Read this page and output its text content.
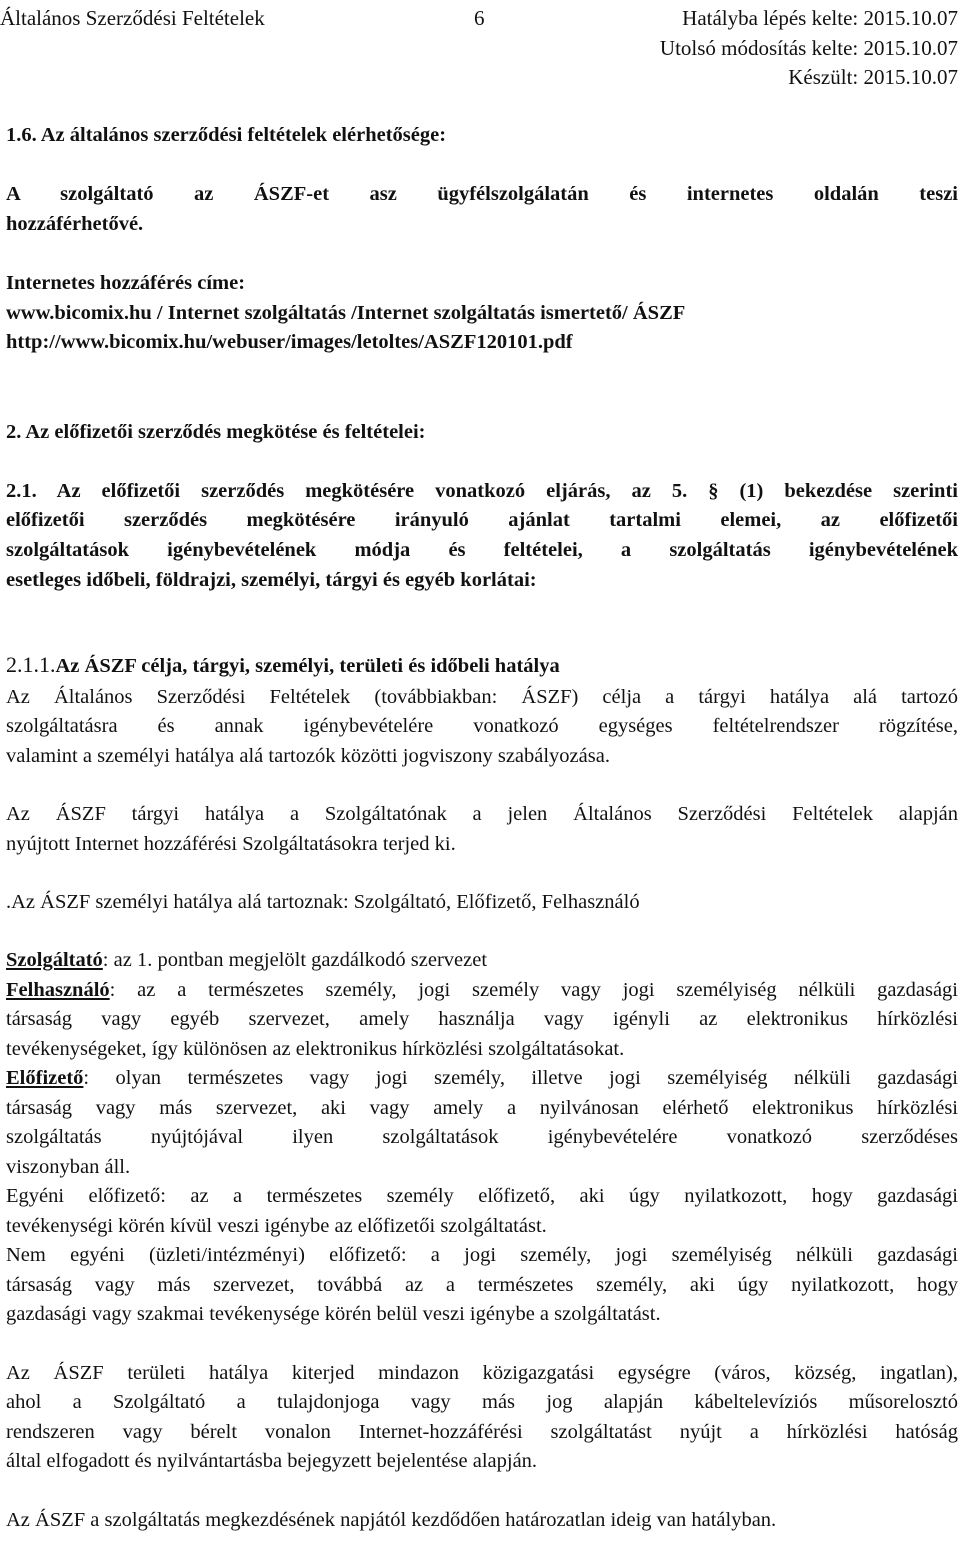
Általános Szerződési Feltételek	6	Hatályba lépés kelte: 2015.10.07
Utolsó módosítás kelte: 2015.10.07
Készült: 2015.10.07
1.6. Az általános szerződési feltételek elérhetősége:
A szolgáltató az ÁSZF-et asz ügyfélszolgálatán és internetes oldalán teszi
hozzáférhetővé.
Internetes hozzáférés címe:
www.bicomix.hu / Internet szolgáltatás /Internet szolgáltatás ismertető/ ÁSZF
http://www.bicomix.hu/webuser/images/letoltes/ASZF120101.pdf
2. Az előfizetői szerződés megkötése és feltételei:
2.1. Az előfizetői szerződés megkötésére vonatkozó eljárás, az 5. § (1) bekezdése szerinti
előfizetői szerződés megkötésére irányuló ajánlat tartalmi elemei, az előfizetői
szolgáltatások igénybevételének módja és feltételei, a szolgáltatás igénybevételének
esetleges időbeli, földrajzi, személyi, tárgyi és egyéb korlátai:
2.1.1.Az ÁSZF célja, tárgyi, személyi, területi és időbeli hatálya
Az Általános Szerződési Feltételek (továbbiakban: ÁSZF) célja a tárgyi hatálya alá tartozó
szolgáltatásra és annak igénybevételére vonatkozó egységes feltételrendszer rögzítése,
valamint a személyi hatálya alá tartozók közötti jogviszony szabályozása.
Az ÁSZF tárgyi hatálya a Szolgáltatónak a jelen Általános Szerződési Feltételek alapján
nyújtott Internet hozzáférési Szolgáltatásokra terjed ki.
.Az ÁSZF személyi hatálya alá tartoznak: Szolgáltató, Előfizető, Felhasználó
Szolgáltató: az 1. pontban megjelölt gazdálkodó szervezet
Felhasználó: az a természetes személy, jogi személy vagy jogi személyiség nélküli gazdasági
társaság vagy egyéb szervezet, amely használja vagy igényli az elektronikus hírközlési
tevékenységeket, így különösen az elektronikus hírközlési szolgáltatásokat.
Előfizető: olyan természetes vagy jogi személy, illetve jogi személyiség nélküli gazdasági
társaság vagy más szervezet, aki vagy amely a nyilvánosan elérhető elektronikus hírközlési
szolgáltatás nyújtójával ilyen szolgáltatások igénybevételére vonatkozó szerződéses
viszonyban áll.
Egyéni előfizető: az a természetes személy előfizető, aki úgy nyilatkozott, hogy gazdasági
tevékenységi körén kívül veszi igénybe az előfizetői szolgáltatást.
Nem egyéni (üzleti/intézményi) előfizető: a jogi személy, jogi személyiség nélküli gazdasági
társaság vagy más szervezet, továbbá az a természetes személy, aki úgy nyilatkozott, hogy
gazdasági vagy szakmai tevékenysége körén belül veszi igénybe a szolgáltatást.
Az ÁSZF területi hatálya kiterjed mindazon közigazgatási egységre (város, község, ingatlan),
ahol a Szolgáltató a tulajdonjoga vagy más jog alapján kábeltelevíziós műsorelosztó
rendszeren vagy bérelt vonalon Internet-hozzáférési szolgáltatást nyújt a hírközlési hatóság
által elfogadott és nyilvántartásba bejegyzett bejelentése alapján.
Az ÁSZF a szolgáltatás megkezdésének napjától kezdődően határozatlan ideig van hatályban.
